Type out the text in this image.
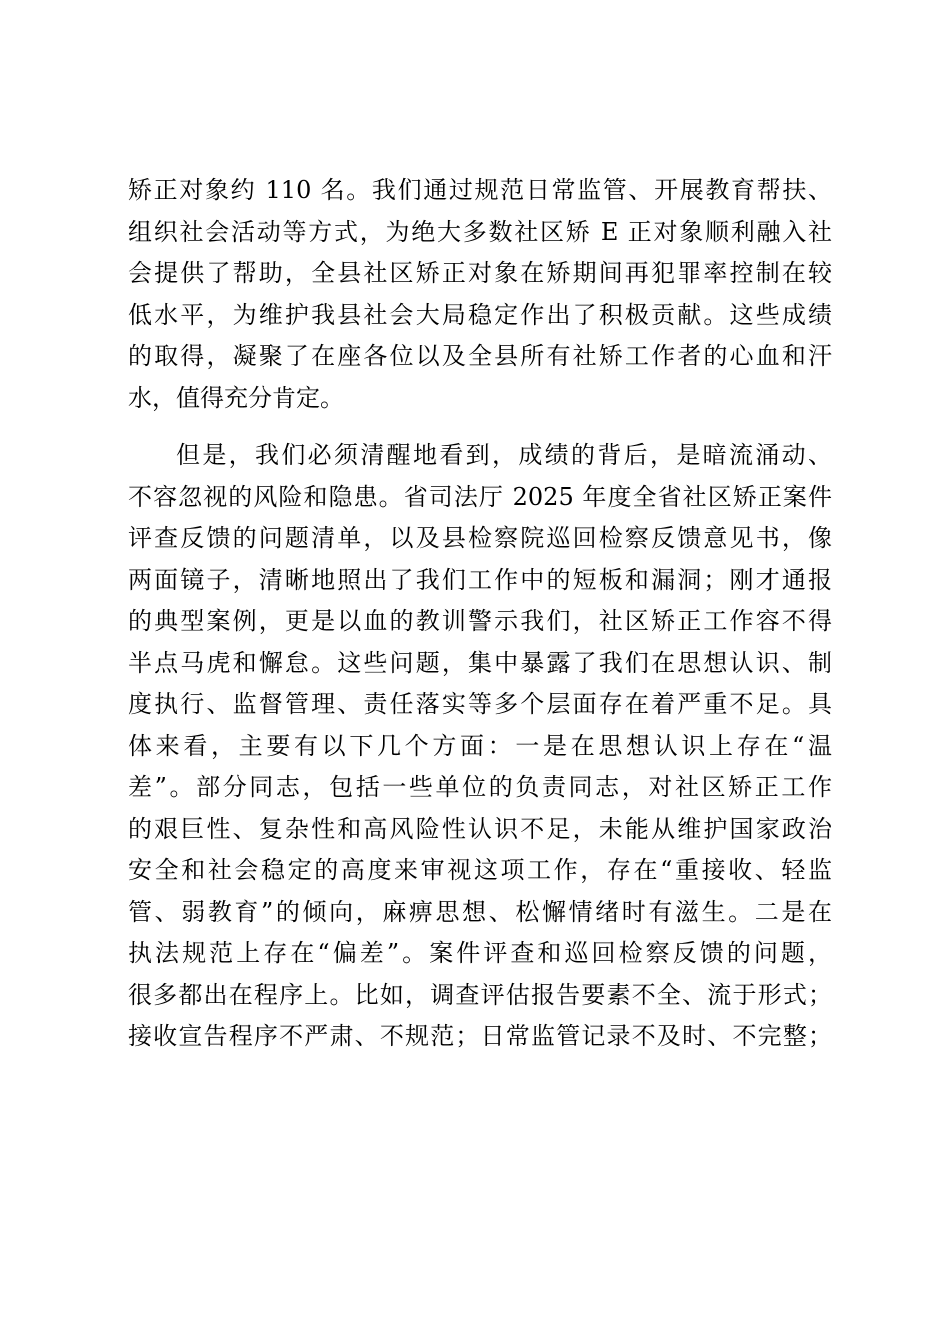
矫正对象约 110 名。我们通过规范日常监管、开展教育帮扶、
组织社会活动等方式，为绝大多数社区矫 E 正对象顺利融入社
会提供了帮助，全县社区矫正对象在矫期间再犯罪率控制在较
低水平，为维护我县社会大局稳定作出了积极贡献。这些成绩
的取得，凝聚了在座各位以及全县所有社矫工作者的心血和汗
水，值得充分肯定。
但是，我们必须清醒地看到，成绩的背后，是暗流涌动、
不容忽视的风险和隐患。省司法厅 2025 年度全省社区矫正案件
评查反馈的问题清单，以及县检察院巡回检察反馈意见书，像
两面镜子，清晰地照出了我们工作中的短板和漏洞；刚才通报
的典型案例，更是以血的教训警示我们，社区矫正工作容不得
半点马虎和懈怠。这些问题，集中暴露了我们在思想认识、制
度执行、监督管理、责任落实等多个层面存在着严重不足。具
体来看，主要有以下几个方面：一是在思想认识上存在“温
差”。部分同志，包括一些单位的负责同志，对社区矫正工作
的艰巨性、复杂性和高风险性认识不足，未能从维护国家政治
安全和社会稳定的高度来审视这项工作，存在“重接收、轻监
管、弱教育”的倾向，麻痹思想、松懈情绪时有滋生。二是在
执法规范上存在“偏差”。案件评查和巡回检察反馈的问题，
很多都出在程序上。比如，调查评估报告要素不全、流于形式；
接收宣告程序不严肃、不规范；日常监管记录不及时、不完整；
